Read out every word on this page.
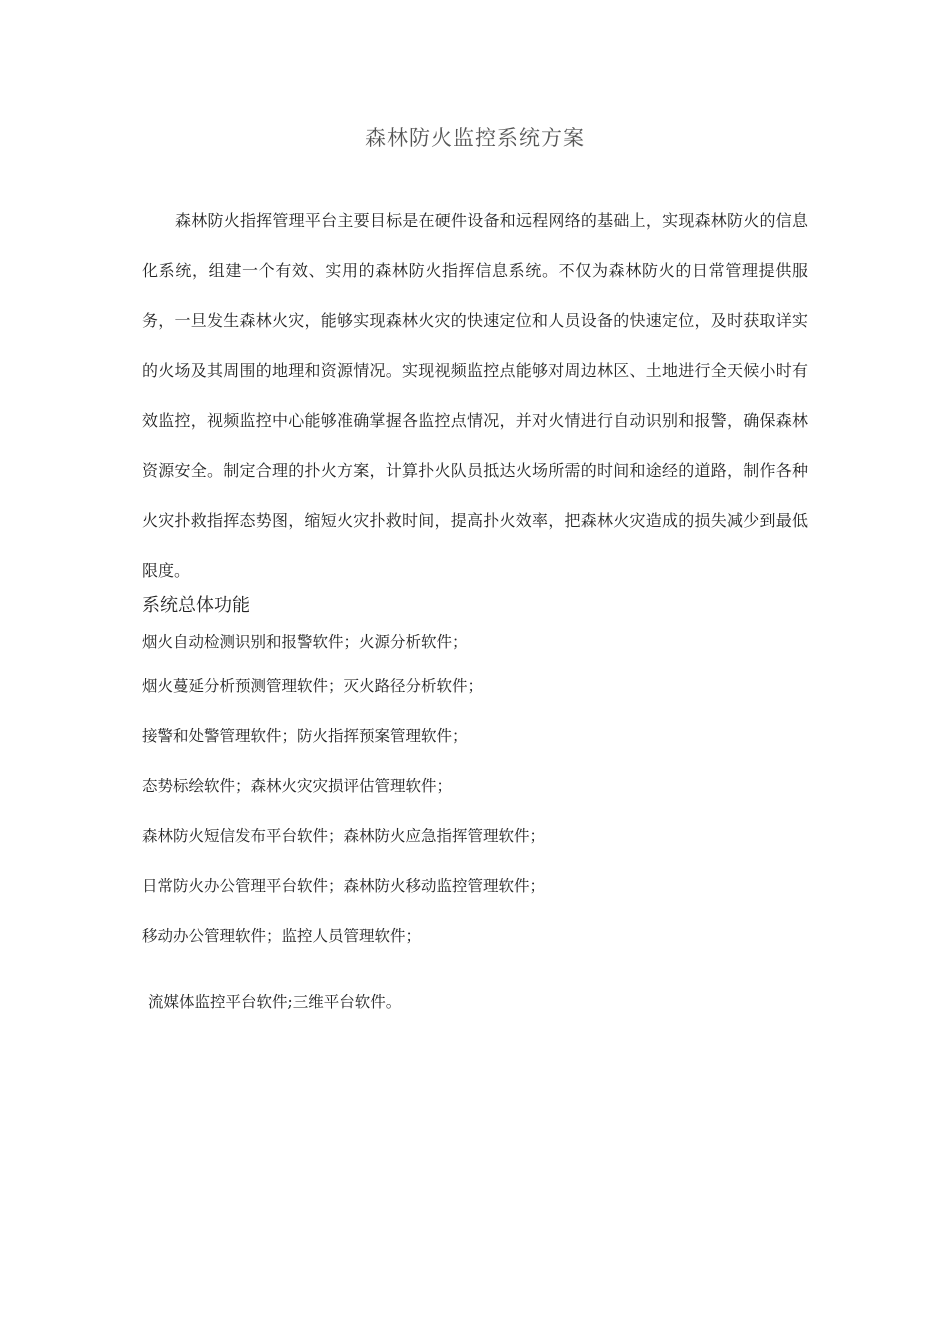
森林防火监控系统方案

森林防火指挥管理平台主要目标是在硬件设备和远程网络的基础上，实现森林防火的信息化系统，组建一个有效、实用的森林防火指挥信息系统。不仅为森林防火的日常管理提供服务，一旦发生森林火灾，能够实现森林火灾的快速定位和人员设备的快速定位，及时获取详实的火场及其周围的地理和资源情况。实现视频监控点能够对周边林区、土地进行全天候小时有效监控，视频监控中心能够准确掌握各监控点情况，并对火情进行自动识别和报警，确保森林资源安全。制定合理的扑火方案，计算扑火队员抵达火场所需的时间和途经的道路，制作各种火灾扑救指挥态势图，缩短火灾扑救时间，提高扑火效率，把森林火灾造成的损失减少到最低限度。

系统总体功能
烟火自动检测识别和报警软件；火源分析软件；
烟火蔓延分析预测管理软件；灭火路径分析软件；
接警和处警管理软件；防火指挥预案管理软件；
态势标绘软件；森林火灾灾损评估管理软件；
森林防火短信发布平台软件；森林防火应急指挥管理软件；
日常防火办公管理平台软件；森林防火移动监控管理软件；
移动办公管理软件；监控人员管理软件；
流媒体监控平台软件;三维平台软件。
